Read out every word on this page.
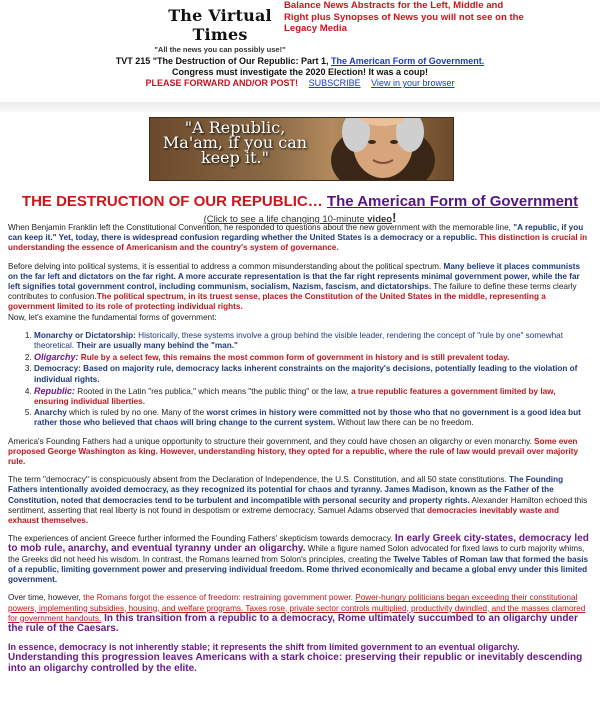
The Virtual Times
"All the news you can possibly use!"
Balance News Abstracts for the Left, Middle and Right plus Synopses of News you will not see on the Legacy Media
TVT 215 "The Destruction of Our Republic: Part 1, The American Form of Government.
Congress must investigate the 2020 Election! It was a coup!
PLEASE FORWARD AND/OR POST! SUBSCRIBE View in your browser
"A Republic, Ma'am, if you can keep it."
THE DESTRUCTION OF OUR REPUBLIC… The American Form of Government
(Click to see a life changing 10-minute video!

When Benjamin Franklin left the Constitutional Convention, he responded to questions about the new government with the memorable line, "A republic, if you can keep it." Yet, today, there is widespread confusion regarding whether the United States is a democracy or a republic. This distinction is crucial in understanding the essence of Americanism and the country's system of governance.

Before delving into political systems, it is essential to address a common misunderstanding about the political spectrum. Many believe it places communists on the far left and dictators on the far right. A more accurate representation is that the far right represents minimal government power, while the far left signifies total government control, including communism, socialism, Nazism, fascism, and dictatorships. The failure to define these terms clearly contributes to confusion.The political spectrum, in its truest sense, places the Constitution of the United States in the middle, representing a government limited to its role of protecting individual rights.
Now, let's examine the fundamental forms of government:

1. Monarchy or Dictatorship: Historically, these systems involve a group behind the visible leader, rendering the concept of "rule by one" somewhat theoretical. Their are usually many behind the "man."
2. Oligarchy: Rule by a select few, this remains the most common form of government in history and is still prevalent today.
3. Democracy: Based on majority rule, democracy lacks inherent constraints on the majority's decisions, potentially leading to the violation of individual rights.
4. Republic: Rooted in the Latin "res publica," which means "the public thing" or the law, a true republic features a government limited by law, ensuring individual liberties.
5. Anarchy which is ruled by no one. Many of the worst crimes in history were committed not by those who that no government is a good idea but rather those who believed that chaos will bring change to the current system. Without law there can be no freedom.

America's Founding Fathers had a unique opportunity to structure their government, and they could have chosen an oligarchy or even monarchy. Some even proposed George Washington as king. However, understanding history, they opted for a republic, where the rule of law would prevail over majority rule.

The term "democracy" is conspicuously absent from the Declaration of Independence, the U.S. Constitution, and all 50 state constitutions. The Founding Fathers intentionally avoided democracy, as they recognized its potential for chaos and tyranny. James Madison, known as the Father of the Constitution, noted that democracies tend to be turbulent and incompatible with personal security and property rights. Alexander Hamilton echoed this sentiment, asserting that real liberty is not found in despotism or extreme democracy. Samuel Adams observed that democracies inevitably waste and exhaust themselves.

The experiences of ancient Greece further informed the Founding Fathers' skepticism towards democracy. In early Greek city-states, democracy led to mob rule, anarchy, and eventual tyranny under an oligarchy. While a figure named Solon advocated for fixed laws to curb majority whims, the Greeks did not heed his wisdom. In contrast, the Romans learned from Solon's principles, creating the Twelve Tables of Roman law that formed the basis of a republic, limiting government power and preserving individual freedom. Rome thrived economically and became a global envy under this limited government.

Over time, however, the Romans forgot the essence of freedom: restraining government power. Power-hungry politicians began exceeding their constitutional powers, implementing subsidies, housing, and welfare programs. Taxes rose, private sector controls multiplied, productivity dwindled, and the masses clamored for government handouts. In this transition from a republic to a democracy, Rome ultimately succumbed to an oligarchy under the rule of the Caesars.

In essence, democracy is not inherently stable; it represents the shift from limited government to an eventual oligarchy.
Understanding this progression leaves Americans with a stark choice: preserving their republic or inevitably descending into an oligarchy controlled by the elite.
